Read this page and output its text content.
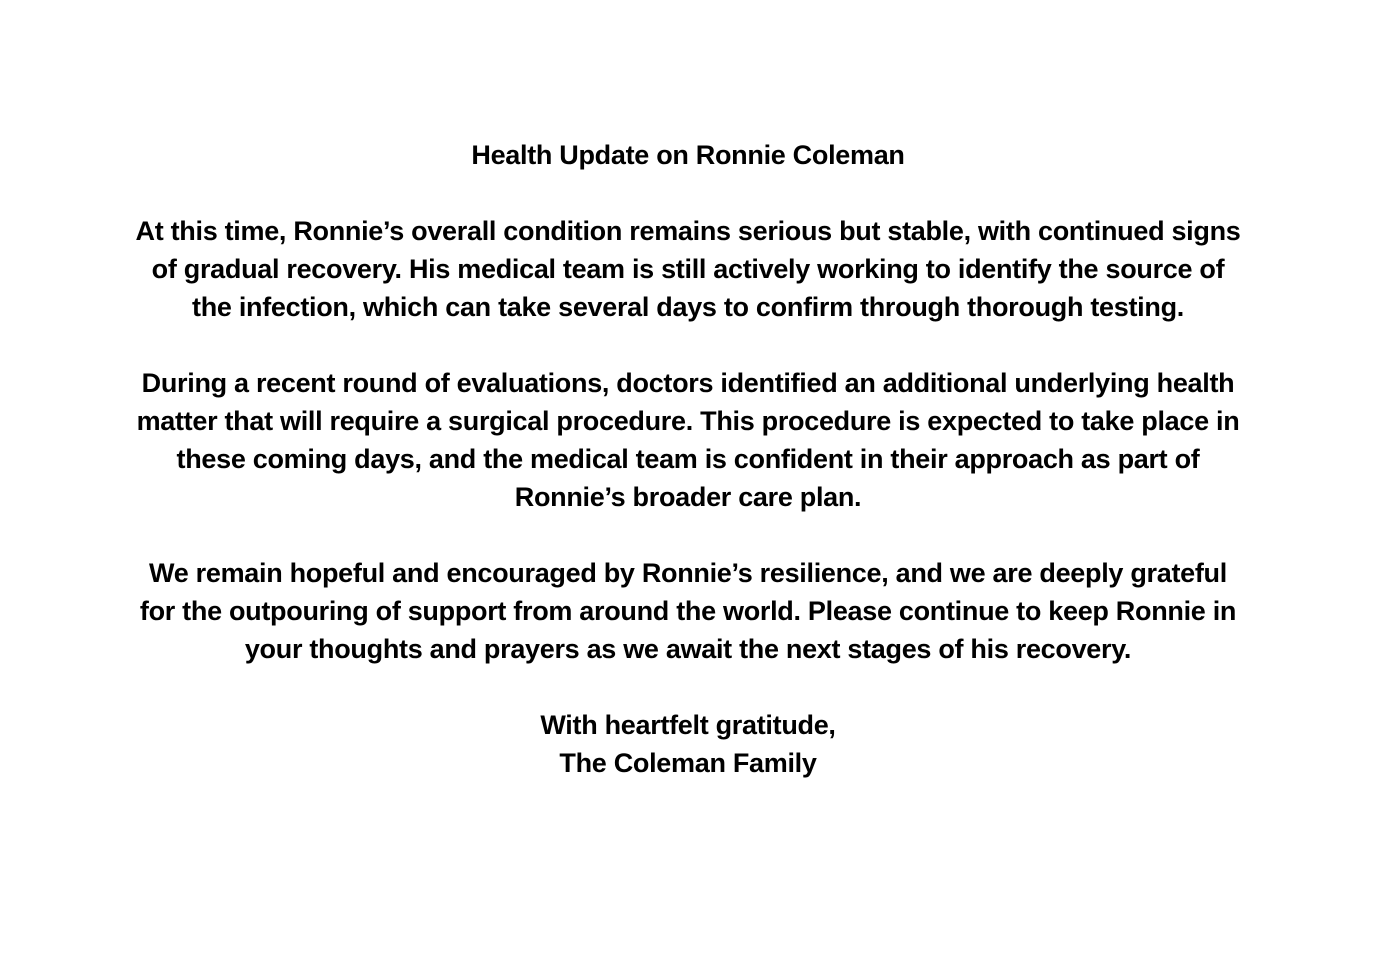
Health Update on Ronnie Coleman
At this time, Ronnie’s overall condition remains serious but stable, with continued signs
of gradual recovery. His medical team is still actively working to identify the source of
the infection, which can take several days to confirm through thorough testing.
During a recent round of evaluations, doctors identified an additional underlying health
matter that will require a surgical procedure. This procedure is expected to take place in
these coming days, and the medical team is confident in their approach as part of
Ronnie’s broader care plan.
We remain hopeful and encouraged by Ronnie’s resilience, and we are deeply grateful
for the outpouring of support from around the world. Please continue to keep Ronnie in
your thoughts and prayers as we await the next stages of his recovery.
With heartfelt gratitude,
The Coleman Family
